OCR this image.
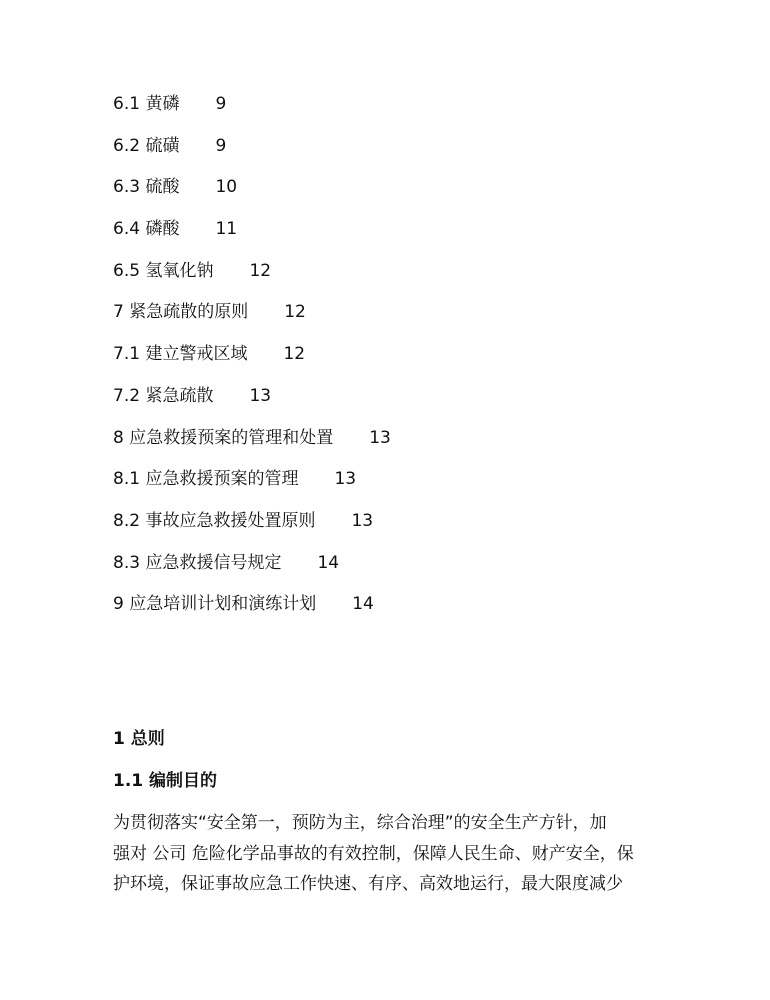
6.1 黄磷 9
6.2 硫磺 9
6.3 硫酸 10
6.4 磷酸 11
6.5 氢氧化钠 12
7 紧急疏散的原则 12
7.1 建立警戒区域 12
7.2 紧急疏散 13
8 应急救援预案的管理和处置 13
8.1 应急救援预案的管理 13
8.2 事故应急救援处置原则 13
8.3 应急救援信号规定 14
9 应急培训计划和演练计划 14
1 总则
1.1 编制目的
为贯彻落实“安全第一，预防为主，综合治理”的安全生产方针，加
强对 公司 危险化学品事故的有效控制，保障人民生命、财产安全，保
护环境，保证事故应急工作快速、有序、高效地运行，最大限度减少
